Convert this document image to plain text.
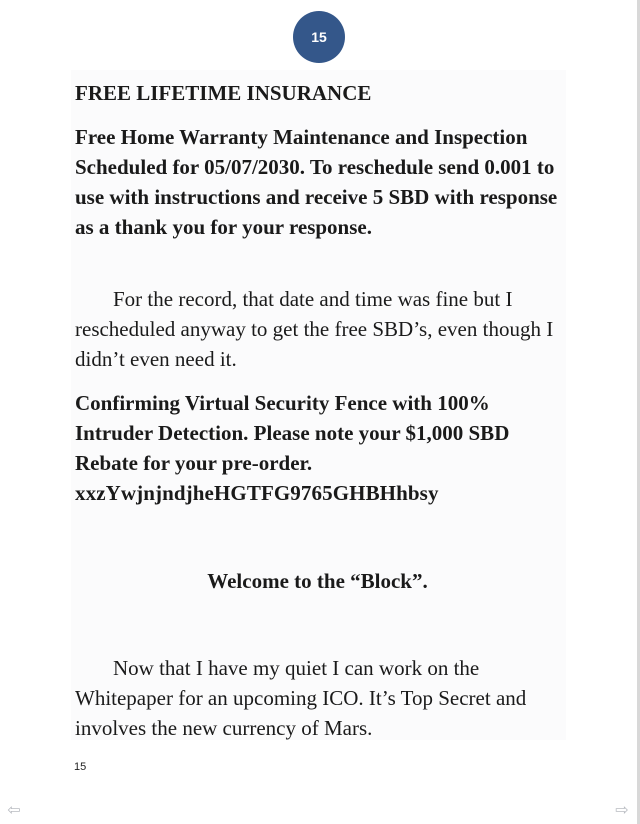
15

FREE LIFETIME INSURANCE

Free Home Warranty Maintenance and Inspection Scheduled for 05/07/2030. To reschedule send 0.001 to use with instructions and receive 5 SBD with response as a thank you for your response.

For the record, that date and time was fine but I rescheduled anyway to get the free SBD’s, even though I didn’t even need it.

Confirming Virtual Security Fence with 100% Intruder Detection. Please note your $1,000 SBD Rebate for your pre-order.

xxzYwjnjndjheHGTFG9765GHBHhbsy

Welcome to the “Block”.

Now that I have my quiet I can work on the Whitepaper for an upcoming ICO. It’s Top Secret and involves the new currency of Mars.

15
⇦	⇨
